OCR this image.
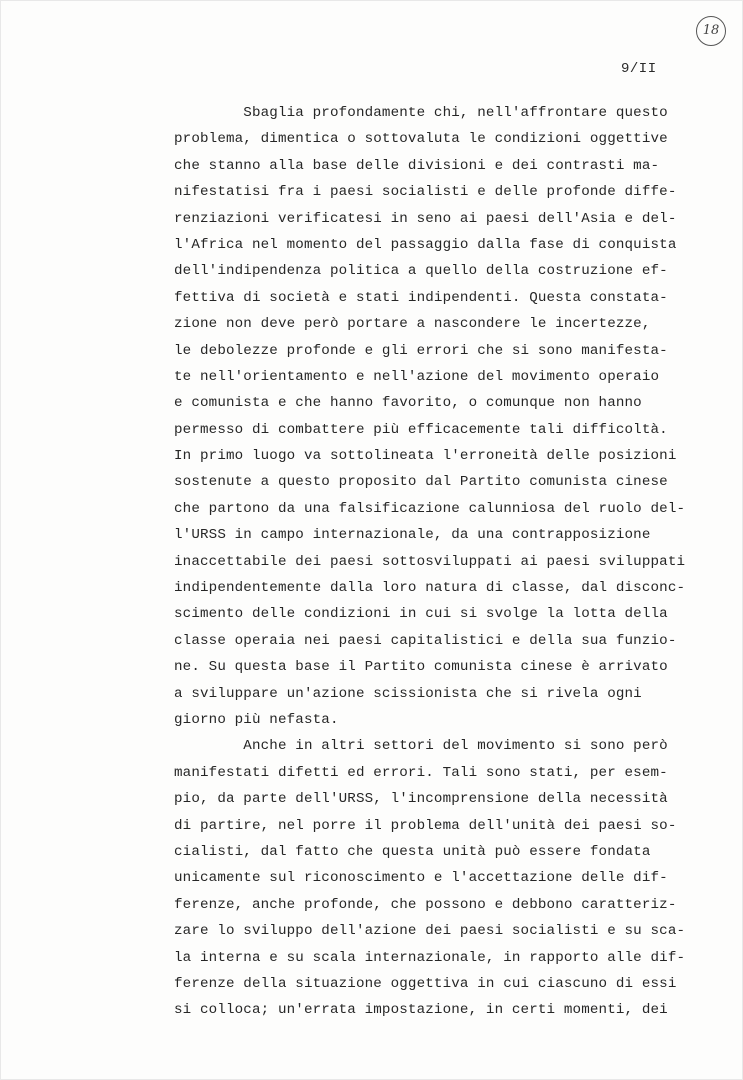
18
9/II
Sbaglia profondamente chi, nell'affrontare questo
problema, dimentica o sottovaluta le condizioni oggettive
che stanno alla base delle divisioni e dei contrasti ma-
nifestatisi fra i paesi socialisti e delle profonde diffe-
renziazioni verificatesi in seno ai paesi dell'Asia e del-
l'Africa nel momento del passaggio dalla fase di conquista
dell'indipendenza politica a quello della costruzione ef-
fettiva di società e stati indipendenti. Questa constata-
zione non deve però portare a nascondere le incertezze,
le debolezze profonde e gli errori che si sono manifesta-
te nell'orientamento e nell'azione del movimento operaio
e comunista e che hanno favorito, o comunque non hanno
permesso di combattere più efficacemente tali difficoltà.
In primo luogo va sottolineata l'erroneità delle posizioni
sostenute a questo proposito dal Partito comunista cinese
che partono da una falsificazione calunniosa del ruolo del-
l'URSS in campo internazionale, da una contrapposizione
inaccettabile dei paesi sottosviluppati ai paesi sviluppati
indipendentemente dalla loro natura di classe, dal disconc-
scimento delle condizioni in cui si svolge la lotta della
classe operaia nei paesi capitalistici e della sua funzio-
ne. Su questa base il Partito comunista cinese è arrivato
a sviluppare un'azione scissionista che si rivela ogni
giorno più nefasta.
Anche in altri settori del movimento si sono però
manifestati difetti ed errori. Tali sono stati, per esem-
pio, da parte dell'URSS, l'incomprensione della necessità
di partire, nel porre il problema dell'unità dei paesi so-
cialisti, dal fatto che questa unità può essere fondata
unicamente sul riconoscimento e l'accettazione delle dif-
ferenze, anche profonde, che possono e debbono caratteriz-
zare lo sviluppo dell'azione dei paesi socialisti e su sca-
la interna e su scala internazionale, in rapporto alle dif-
ferenze della situazione oggettiva in cui ciascuno di essi
si colloca; un'errata impostazione, in certi momenti, dei
